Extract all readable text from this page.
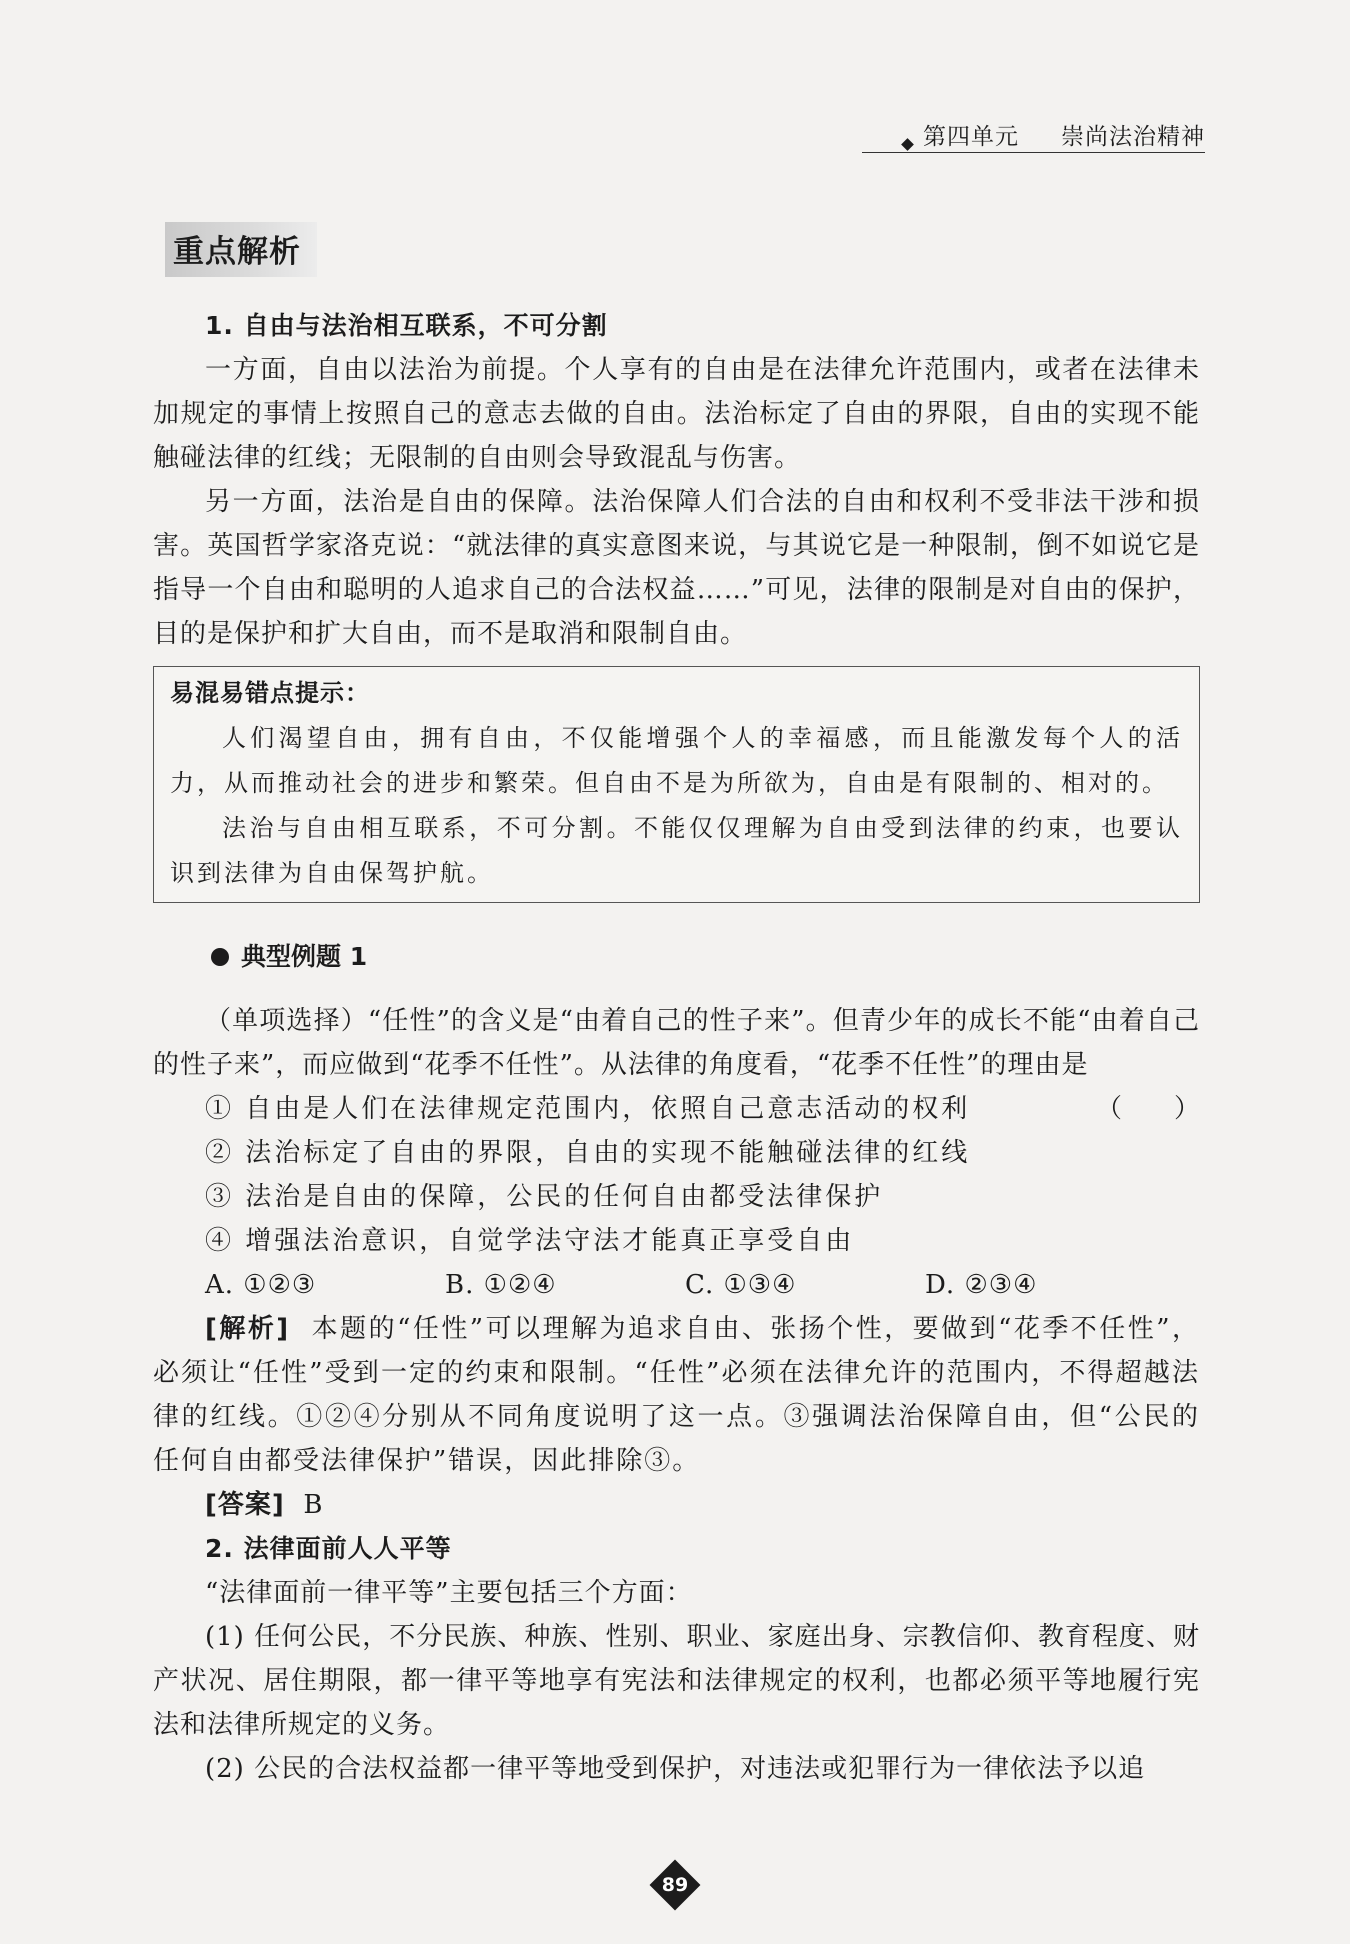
第四单元 崇尚法治精神
重点解析
1. 自由与法治相互联系，不可分割

一方面，自由以法治为前提。个人享有的自由是在法律允许范围内，或者在法律未加规定的事情上按照自己的意志去做的自由。法治标定了自由的界限，自由的实现不能触碰法律的红线；无限制的自由则会导致混乱与伤害。

另一方面，法治是自由的保障。法治保障人们合法的自由和权利不受非法干涉和损害。英国哲学家洛克说：“就法律的真实意图来说，与其说它是一种限制，倒不如说它是指导一个自由和聪明的人追求自己的合法权益……”可见，法律的限制是对自由的保护，目的是保护和扩大自由，而不是取消和限制自由。

易混易错点提示：

人们渴望自由，拥有自由，不仅能增强个人的幸福感，而且能激发每个人的活力，从而推动社会的进步和繁荣。但自由不是为所欲为，自由是有限制的、相对的。

法治与自由相互联系，不可分割。不能仅仅理解为自由受到法律的约束，也要认识到法律为自由保驾护航。

典型例题 1

（单项选择）“任性”的含义是“由着自己的性子来”。但青少年的成长不能“由着自己的性子来”，而应做到“花季不任性”。从法律的角度看，“花季不任性”的理由是
（　　）

① 自由是人们在法律规定范围内，依照自己意志活动的权利
② 法治标定了自由的界限，自由的实现不能触碰法律的红线
③ 法治是自由的保障，公民的任何自由都受法律保护
④ 增强法治意识，自觉学法守法才能真正享受自由
A. ①②③	B. ①②④	C. ①③④	D. ②③④

[解析] 本题的“任性”可以理解为追求自由、张扬个性，要做到“花季不任性”，必须让“任性”受到一定的约束和限制。“任性”必须在法律允许的范围内，不得超越法律的红线。①②④分别从不同角度说明了这一点。③强调法治保障自由，但“公民的任何自由都受法律保护”错误，因此排除③。

[答案] B

2. 法律面前人人平等

“法律面前一律平等”主要包括三个方面：

(1) 任何公民，不分民族、种族、性别、职业、家庭出身、宗教信仰、教育程度、财产状况、居住期限，都一律平等地享有宪法和法律规定的权利，也都必须平等地履行宪法和法律所规定的义务。

(2) 公民的合法权益都一律平等地受到保护，对违法或犯罪行为一律依法予以追

89
